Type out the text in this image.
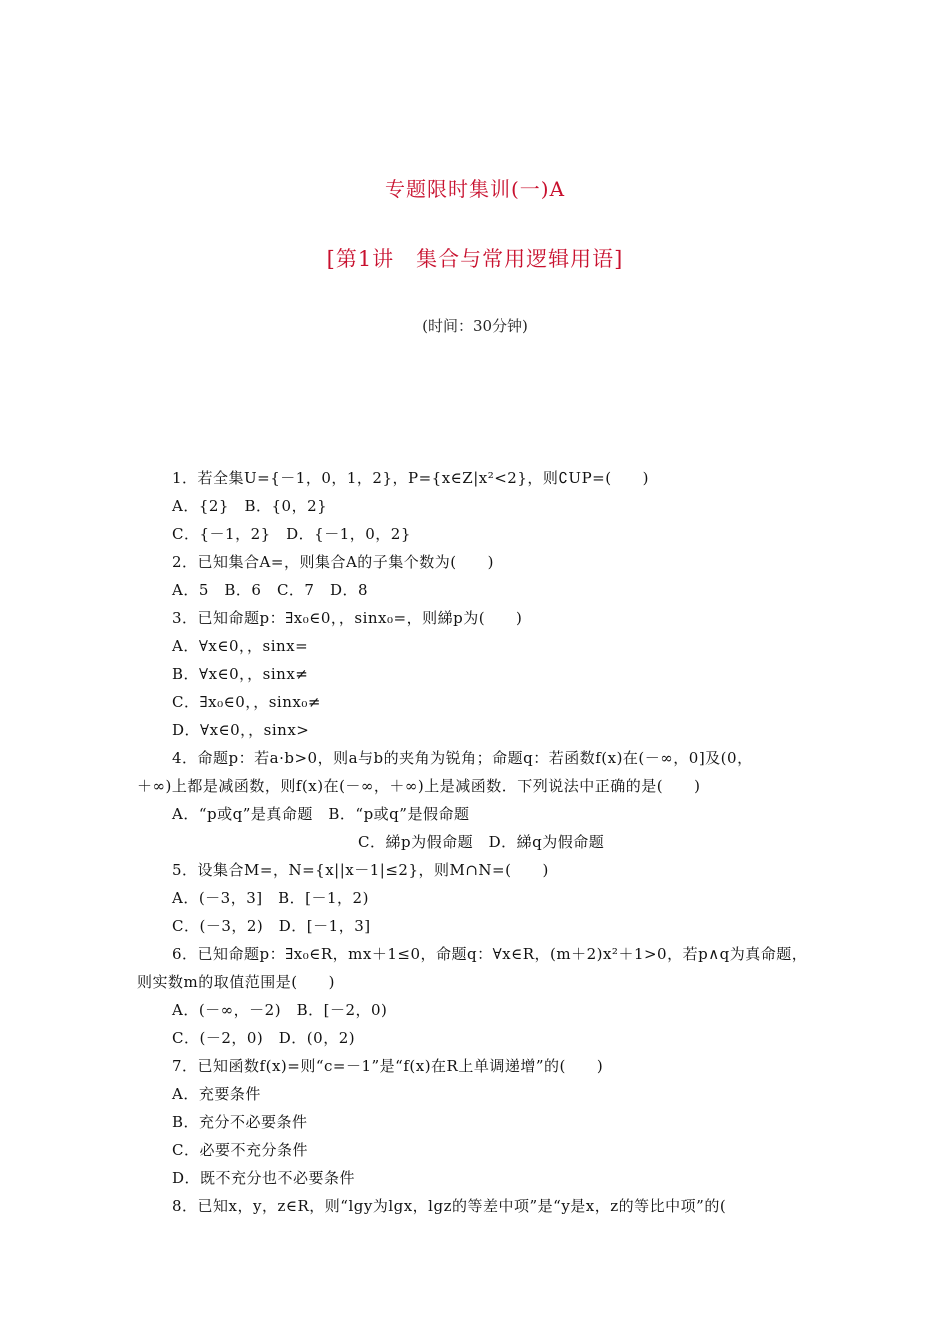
专题限时集训(一)A
[第1讲　集合与常用逻辑用语]
(时间：30分钟)
1．若全集U={－1，0，1，2}，P={x∈Z|x²<2}，则∁UP=(　　)
A．{2}　B．{0，2}
C．{－1，2}　D．{－1，0，2}
2．已知集合A=，则集合A的子集个数为(　　)
A．5　B．6　C．7　D．8
3．已知命题p：∃x₀∈0，，sinx₀=，则綈p为(　　)
A．∀x∈0，，sinx=
B．∀x∈0，，sinx≠
C．∃x₀∈0，，sinx₀≠
D．∀x∈0，，sinx>
4．命题p：若a·b>0，则a与b的夹角为锐角；命题q：若函数f(x)在(－∞，0]及(0，
＋∞)上都是减函数，则f(x)在(－∞，＋∞)上是减函数．下列说法中正确的是(　　)
A．“p或q”是真命题　B．“p或q”是假命题
C．綈p为假命题　D．綈q为假命题
5．设集合M=，N={x||x－1|≤2}，则M∩N=(　　)
A．(－3，3]　B．[－1，2)
C．(－3，2)　D．[－1，3]
6．已知命题p：∃x₀∈R，mx＋1≤0，命题q：∀x∈R，(m＋2)x²＋1>0，若p∧q为真命题，
则实数m的取值范围是(　　)
A．(－∞，－2)　B．[－2，0)
C．(－2，0)　D．(0，2)
7．已知函数f(x)=则“c=－1”是“f(x)在R上单调递增”的(　　)
A．充要条件
B．充分不必要条件
C．必要不充分条件
D．既不充分也不必要条件
8．已知x，y，z∈R，则“lgy为lgx，lgz的等差中项”是“y是x，z的等比中项”的(
